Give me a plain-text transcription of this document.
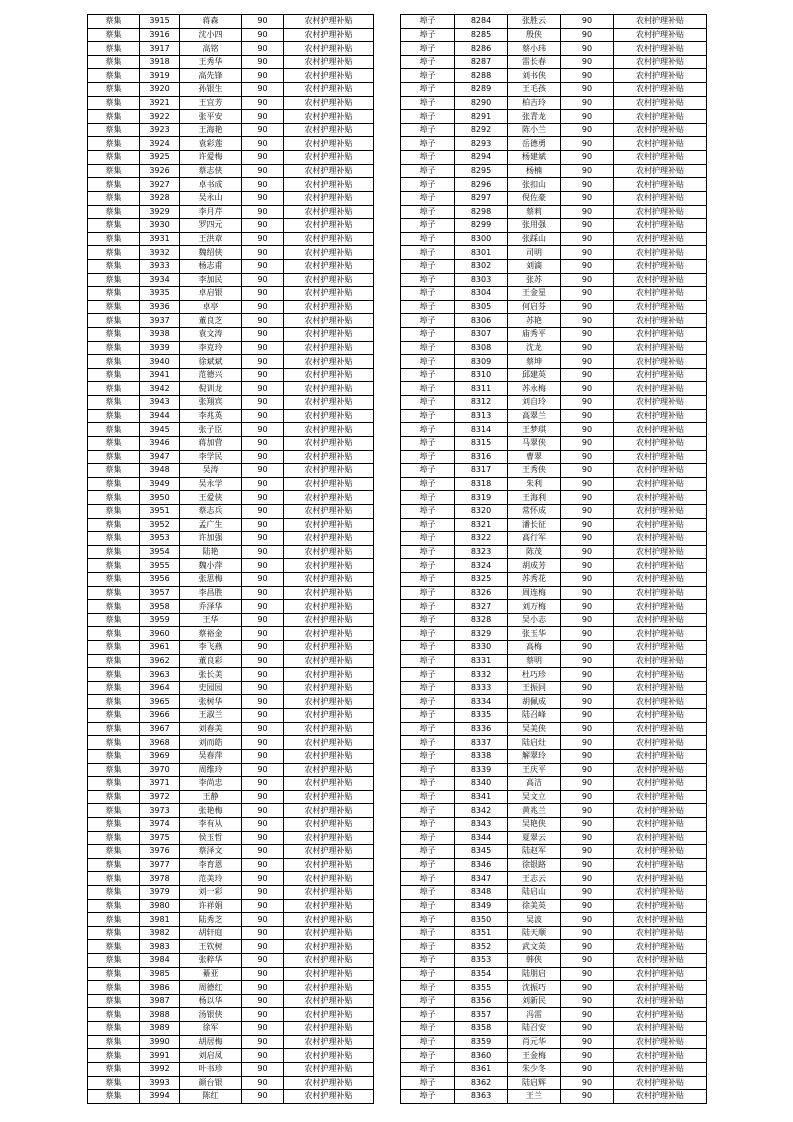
蔡集	3915	蒋森	90	农村护理补贴
蔡集	3916	沈小四	90	农村护理补贴
蔡集	3917	高铭	90	农村护理补贴
蔡集	3918	王秀华	90	农村护理补贴
蔡集	3919	高先锋	90	农村护理补贴
蔡集	3920	孙银生	90	农村护理补贴
蔡集	3921	王宜芳	90	农村护理补贴
蔡集	3922	张平安	90	农村护理补贴
蔡集	3923	王海艳	90	农村护理补贴
蔡集	3924	袁彩莲	90	农村护理补贴
蔡集	3925	许爱梅	90	农村护理补贴
蔡集	3926	蔡志侠	90	农村护理补贴
蔡集	3927	卓书成	90	农村护理补贴
蔡集	3928	吴永山	90	农村护理补贴
蔡集	3929	李月芹	90	农村护理补贴
蔡集	3930	罗四元	90	农村护理补贴
蔡集	3931	王洪章	90	农村护理补贴
蔡集	3932	魏绍侠	90	农村护理补贴
蔡集	3933	杨志甫	90	农村护理补贴
蔡集	3934	李加民	90	农村护理补贴
蔡集	3935	卓启银	90	农村护理补贴
蔡集	3936	卓亭	90	农村护理补贴
蔡集	3937	董良芝	90	农村护理补贴
蔡集	3938	袁文涛	90	农村护理补贴
蔡集	3939	李克玲	90	农村护理补贴
蔡集	3940	徐斌斌	90	农村护理补贴
蔡集	3941	范德兴	90	农村护理补贴
蔡集	3942	倪训龙	90	农村护理补贴
蔡集	3943	张翔宾	90	农村护理补贴
蔡集	3944	李兆英	90	农村护理补贴
蔡集	3945	张子臣	90	农村护理补贴
蔡集	3946	蒋加营	90	农村护理补贴
蔡集	3947	李学民	90	农村护理补贴
蔡集	3948	吴涛	90	农村护理补贴
蔡集	3949	吴永学	90	农村护理补贴
蔡集	3950	王爱侠	90	农村护理补贴
蔡集	3951	蔡志兵	90	农村护理补贴
蔡集	3952	孟广生	90	农村护理补贴
蔡集	3953	许加强	90	农村护理补贴
蔡集	3954	陆艳	90	农村护理补贴
蔡集	3955	魏小萍	90	农村护理补贴
蔡集	3956	张思梅	90	农村护理补贴
蔡集	3957	李昌胜	90	农村护理补贴
蔡集	3958	乔泽华	90	农村护理补贴
蔡集	3959	王华	90	农村护理补贴
蔡集	3960	蔡裕金	90	农村护理补贴
蔡集	3961	李飞燕	90	农村护理补贴
蔡集	3962	董良彩	90	农村护理补贴
蔡集	3963	张长美	90	农村护理补贴
蔡集	3964	史园园	90	农村护理补贴
蔡集	3965	张树华	90	农村护理补贴
蔡集	3966	王淑兰	90	农村护理补贴
蔡集	3967	刘春美	90	农村护理补贴
蔡集	3968	刘而皓	90	农村护理补贴
蔡集	3969	吴春萍	90	农村护理补贴
蔡集	3970	周维玲	90	农村护理补贴
蔡集	3971	李尚忠	90	农村护理补贴
蔡集	3972	王静	90	农村护理补贴
蔡集	3973	张艳梅	90	农村护理补贴
蔡集	3974	李有从	90	农村护理补贴
蔡集	3975	侯玉哲	90	农村护理补贴
蔡集	3976	蔡泽文	90	农村护理补贴
蔡集	3977	李育恩	90	农村护理补贴
蔡集	3978	范美玲	90	农村护理补贴
蔡集	3979	刘一彩	90	农村护理补贴
蔡集	3980	许祥娟	90	农村护理补贴
蔡集	3981	陆秀芝	90	农村护理补贴
蔡集	3982	胡轩庭	90	农村护理补贴
蔡集	3983	王钦树	90	农村护理补贴
蔡集	3984	张粹华	90	农村护理补贴
蔡集	3985	綦亚	90	农村护理补贴
蔡集	3986	周德红	90	农村护理补贴
蔡集	3987	杨以华	90	农村护理补贴
蔡集	3988	汤银侠	90	农村护理补贴
蔡集	3989	徐军	90	农村护理补贴
蔡集	3990	胡居梅	90	农村护理补贴
蔡集	3991	刘启凤	90	农村护理补贴
蔡集	3992	叶书珍	90	农村护理补贴
蔡集	3993	颜台银	90	农村护理补贴
蔡集	3994	陈红	90	农村护理补贴
埠子	8284	张胜云	90	农村护理补贴
埠子	8285	殷侠	90	农村护理补贴
埠子	8286	蔡小玮	90	农村护理补贴
埠子	8287	雷长春	90	农村护理补贴
埠子	8288	刘书侠	90	农村护理补贴
埠子	8289	王毛孩	90	农村护理补贴
埠子	8290	柏吉玲	90	农村护理补贴
埠子	8291	张青龙	90	农村护理补贴
埠子	8292	陈小兰	90	农村护理补贴
埠子	8293	岳德勇	90	农村护理补贴
埠子	8294	杨建斌	90	农村护理补贴
埠子	8295	杨楠	90	农村护理补贴
埠子	8296	张扣山	90	农村护理补贴
埠子	8297	倪佐豪	90	农村护理补贴
埠子	8298	蔡莉	90	农村护理补贴
埠子	8299	张用强	90	农村护理补贴
埠子	8300	张踩山	90	农村护理补贴
埠子	8301	司明	90	农村护理补贴
埠子	8302	刘滴	90	农村护理补贴
埠子	8303	张苏	90	农村护理补贴
埠子	8304	王金星	90	农村护理补贴
埠子	8305	何启芬	90	农村护理补贴
埠子	8306	苏艳	90	农村护理补贴
埠子	8307	庙秀平	90	农村护理补贴
埠子	8308	沈龙	90	农村护理补贴
埠子	8309	蔡坤	90	农村护理补贴
埠子	8310	邱建英	90	农村护理补贴
埠子	8311	苏永梅	90	农村护理补贴
埠子	8312	刘自玲	90	农村护理补贴
埠子	8313	高翠兰	90	农村护理补贴
埠子	8314	王梦琪	90	农村护理补贴
埠子	8315	马翠侠	90	农村护理补贴
埠子	8316	曹翠	90	农村护理补贴
埠子	8317	王秀侠	90	农村护理补贴
埠子	8318	朱利	90	农村护理补贴
埠子	8319	王海利	90	农村护理补贴
埠子	8320	常怀成	90	农村护理补贴
埠子	8321	潘长征	90	农村护理补贴
埠子	8322	高行军	90	农村护理补贴
埠子	8323	陈茂	90	农村护理补贴
埠子	8324	胡成芳	90	农村护理补贴
埠子	8325	苏秀花	90	农村护理补贴
埠子	8326	周连梅	90	农村护理补贴
埠子	8327	刘万梅	90	农村护理补贴
埠子	8328	吴小志	90	农村护理补贴
埠子	8329	张玉华	90	农村护理补贴
埠子	8330	高梅	90	农村护理补贴
埠子	8331	蔡明	90	农村护理补贴
埠子	8332	杜巧珍	90	农村护理补贴
埠子	8333	王振同	90	农村护理补贴
埠子	8334	胡佩成	90	农村护理补贴
埠子	8335	陆召峰	90	农村护理补贴
埠子	8336	吴美侠	90	农村护理补贴
埠子	8337	陆启灶	90	农村护理补贴
埠子	8338	解翠玲	90	农村护理补贴
埠子	8339	王庆平	90	农村护理补贴
埠子	8340	高洁	90	农村护理补贴
埠子	8341	吴文立	90	农村护理补贴
埠子	8342	黄兆兰	90	农村护理补贴
埠子	8343	吴艳侠	90	农村护理补贴
埠子	8344	夏翠云	90	农村护理补贴
埠子	8345	陆赵军	90	农村护理补贴
埠子	8346	徐银路	90	农村护理补贴
埠子	8347	王志云	90	农村护理补贴
埠子	8348	陆启山	90	农村护理补贴
埠子	8349	徐美英	90	农村护理补贴
埠子	8350	吴波	90	农村护理补贴
埠子	8351	陆天顺	90	农村护理补贴
埠子	8352	武文英	90	农村护理补贴
埠子	8353	韩侠	90	农村护理补贴
埠子	8354	陆朋启	90	农村护理补贴
埠子	8355	沈振巧	90	农村护理补贴
埠子	8356	刘新民	90	农村护理补贴
埠子	8357	冯雷	90	农村护理补贴
埠子	8358	陆召安	90	农村护理补贴
埠子	8359	肖元华	90	农村护理补贴
埠子	8360	王金梅	90	农村护理补贴
埠子	8361	朱少冬	90	农村护理补贴
埠子	8362	陆启辉	90	农村护理补贴
埠子	8363	王兰	90	农村护理补贴
